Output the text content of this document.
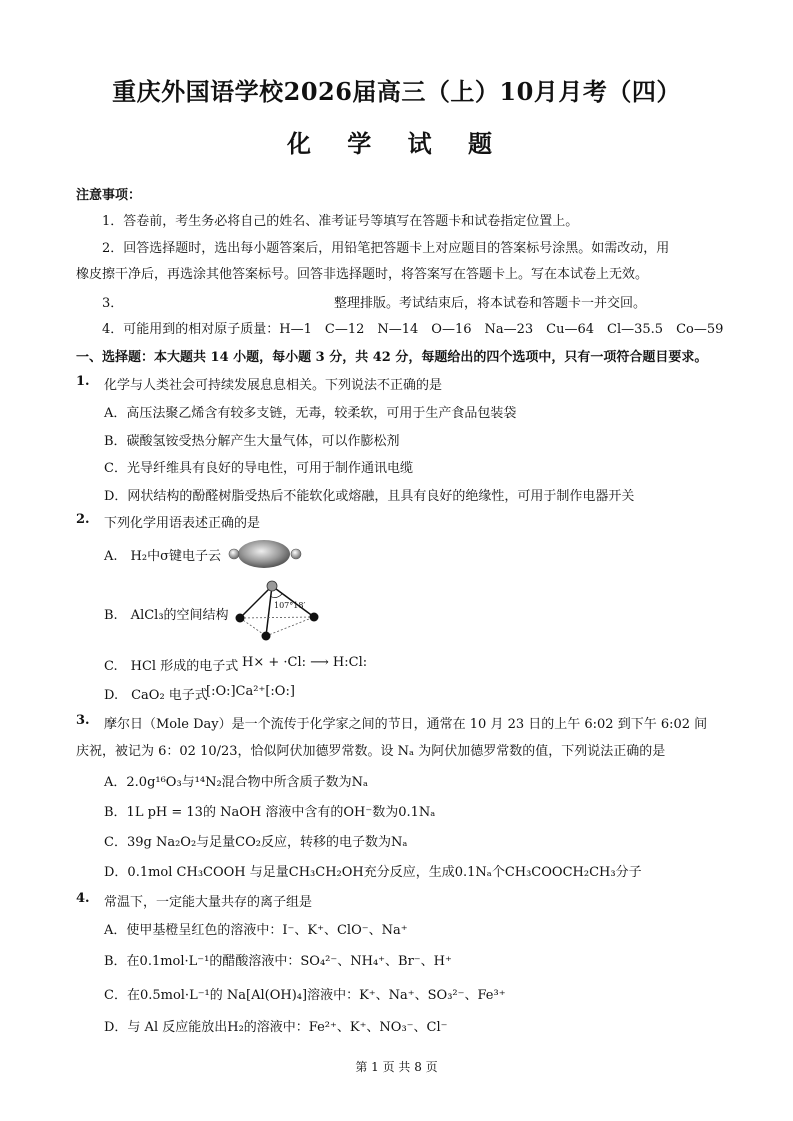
重庆外国语学校2026届高三（上）10月月考（四）
化 学 试 题
注意事项：
1．答卷前，考生务必将自己的姓名、准考证号等填写在答题卡和试卷指定位置上。
2．回答选择题时，选出每小题答案后，用铅笔把答题卡上对应题目的答案标号涂黑。如需改动，用
橡皮擦干净后，再选涂其他答案标号。回答非选择题时，将答案写在答题卡上。写在本试卷上无效。
3．	整理排版。考试结束后，将本试卷和答题卡一并交回。
4．可能用到的相对原子质量：H—1　C—12　N—14　O—16　Na—23　Cu—64　Cl—35.5　Co—59
一、选择题：本大题共 14 小题，每小题 3 分，共 42 分，每题给出的四个选项中，只有一项符合题目要求。
1. 化学与人类社会可持续发展息息相关。下列说法不正确的是
A．高压法聚乙烯含有较多支链，无毒，较柔软，可用于生产食品包装袋
B．碳酸氢铵受热分解产生大量气体，可以作膨松剂
C．光导纤维具有良好的导电性，可用于制作通讯电缆
D．网状结构的酚醛树脂受热后不能软化或熔融，且具有良好的绝缘性，可用于制作电器开关
2. 下列化学用语表述正确的是
A.　H₂中σ键电子云
B.　AlCl₃的空间结构
107°18′
C.　HCl 形成的电子式 H× + ·Cl: ⟶ H:Cl:
D.　CaO₂ 电子式
[:O:]Ca²⁺[:O:]
3. 摩尔日（Mole Day）是一个流传于化学家之间的节日，通常在 10 月 23 日的上午 6:02 到下午 6:02 间
庆祝，被记为 6：02 10/23，恰似阿伏加德罗常数。设 Nₐ 为阿伏加德罗常数的值，下列说法正确的是
A．2.0g¹⁶O₃与¹⁴N₂混合物中所含质子数为Nₐ
B．1L pH = 13的 NaOH 溶液中含有的OH⁻数为0.1Nₐ
C．39g Na₂O₂与足量CO₂反应，转移的电子数为Nₐ
D．0.1mol CH₃COOH 与足量CH₃CH₂OH充分反应，生成0.1Nₐ个CH₃COOCH₂CH₃分子
4. 常温下，一定能大量共存的离子组是
A．使甲基橙呈红色的溶液中：I⁻、K⁺、ClO⁻、Na⁺
B．在0.1mol·L⁻¹的醋酸溶液中：SO₄²⁻、NH₄⁺、Br⁻、H⁺
C．在0.5mol·L⁻¹的 Na[Al(OH)₄]溶液中：K⁺、Na⁺、SO₃²⁻、Fe³⁺
D．与 Al 反应能放出H₂的溶液中：Fe²⁺、K⁺、NO₃⁻、Cl⁻
第 1 页 共 8 页
